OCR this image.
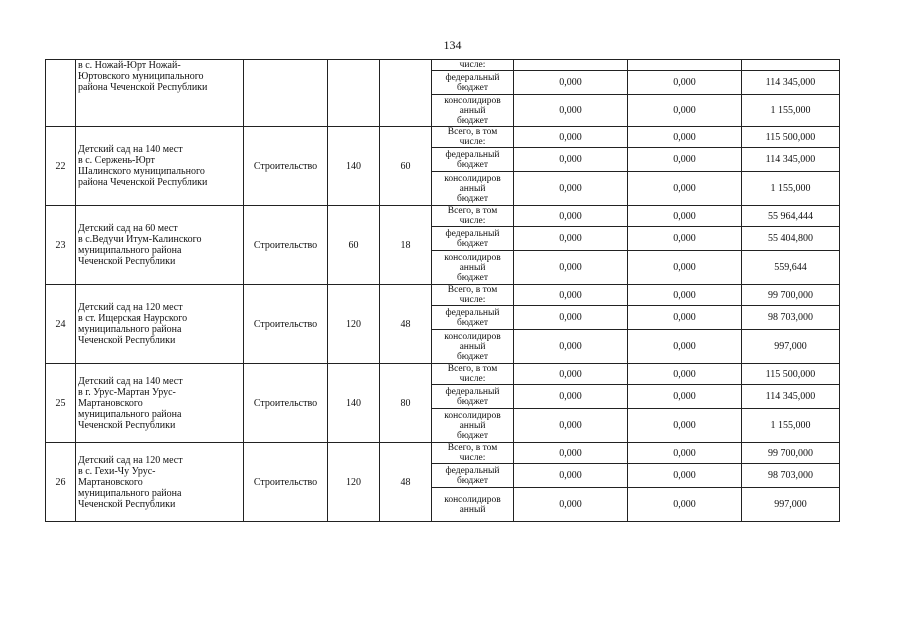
134

	в с. Ножай-Юрт Ножай-
Юртовского муниципального
района Чеченской Республики				числе:			

					федеральный
бюджет	0,000	0,000	114 345,000

					консолидиров
анный
бюджет	0,000	0,000	1 155,000

22	Детский сад на 140 мест
в с. Сержень-Юрт
Шалинского муниципального
района Чеченской Республики	Строительство	140	60	Всего, в том
числе:	0,000	0,000	115 500,000

					федеральный
бюджет	0,000	0,000	114 345,000

					консолидиров
анный
бюджет	0,000	0,000	1 155,000

23	Детский сад на 60 мест
в с.Ведучи Итум-Калинского
муниципального района
Чеченской Республики	Строительство	60	18	Всего, в том
числе:	0,000	0,000	55 964,444

					федеральный
бюджет	0,000	0,000	55 404,800

					консолидиров
анный
бюджет	0,000	0,000	559,644

24	Детский сад на 120 мест
в ст. Ищерская Наурского
муниципального района
Чеченской Республики	Строительство	120	48	Всего, в том
числе:	0,000	0,000	99 700,000

					федеральный
бюджет	0,000	0,000	98 703,000

					консолидиров
анный
бюджет	0,000	0,000	997,000

25	Детский сад на 140 мест
в г. Урус-Мартан Урус-
Мартановского
муниципального района
Чеченской Республики	Строительство	140	80	Всего, в том
числе:	0,000	0,000	115 500,000

					федеральный
бюджет	0,000	0,000	114 345,000

					консолидиров
анный
бюджет	0,000	0,000	1 155,000

26	Детский сад на 120 мест
в с. Гехи-Чу Урус-
Мартановского
муниципального района
Чеченской Республики	Строительство	120	48	Всего, в том
числе:	0,000	0,000	99 700,000

					федеральный
бюджет	0,000	0,000	98 703,000

					консолидиров
анный	0,000	0,000	997,000
